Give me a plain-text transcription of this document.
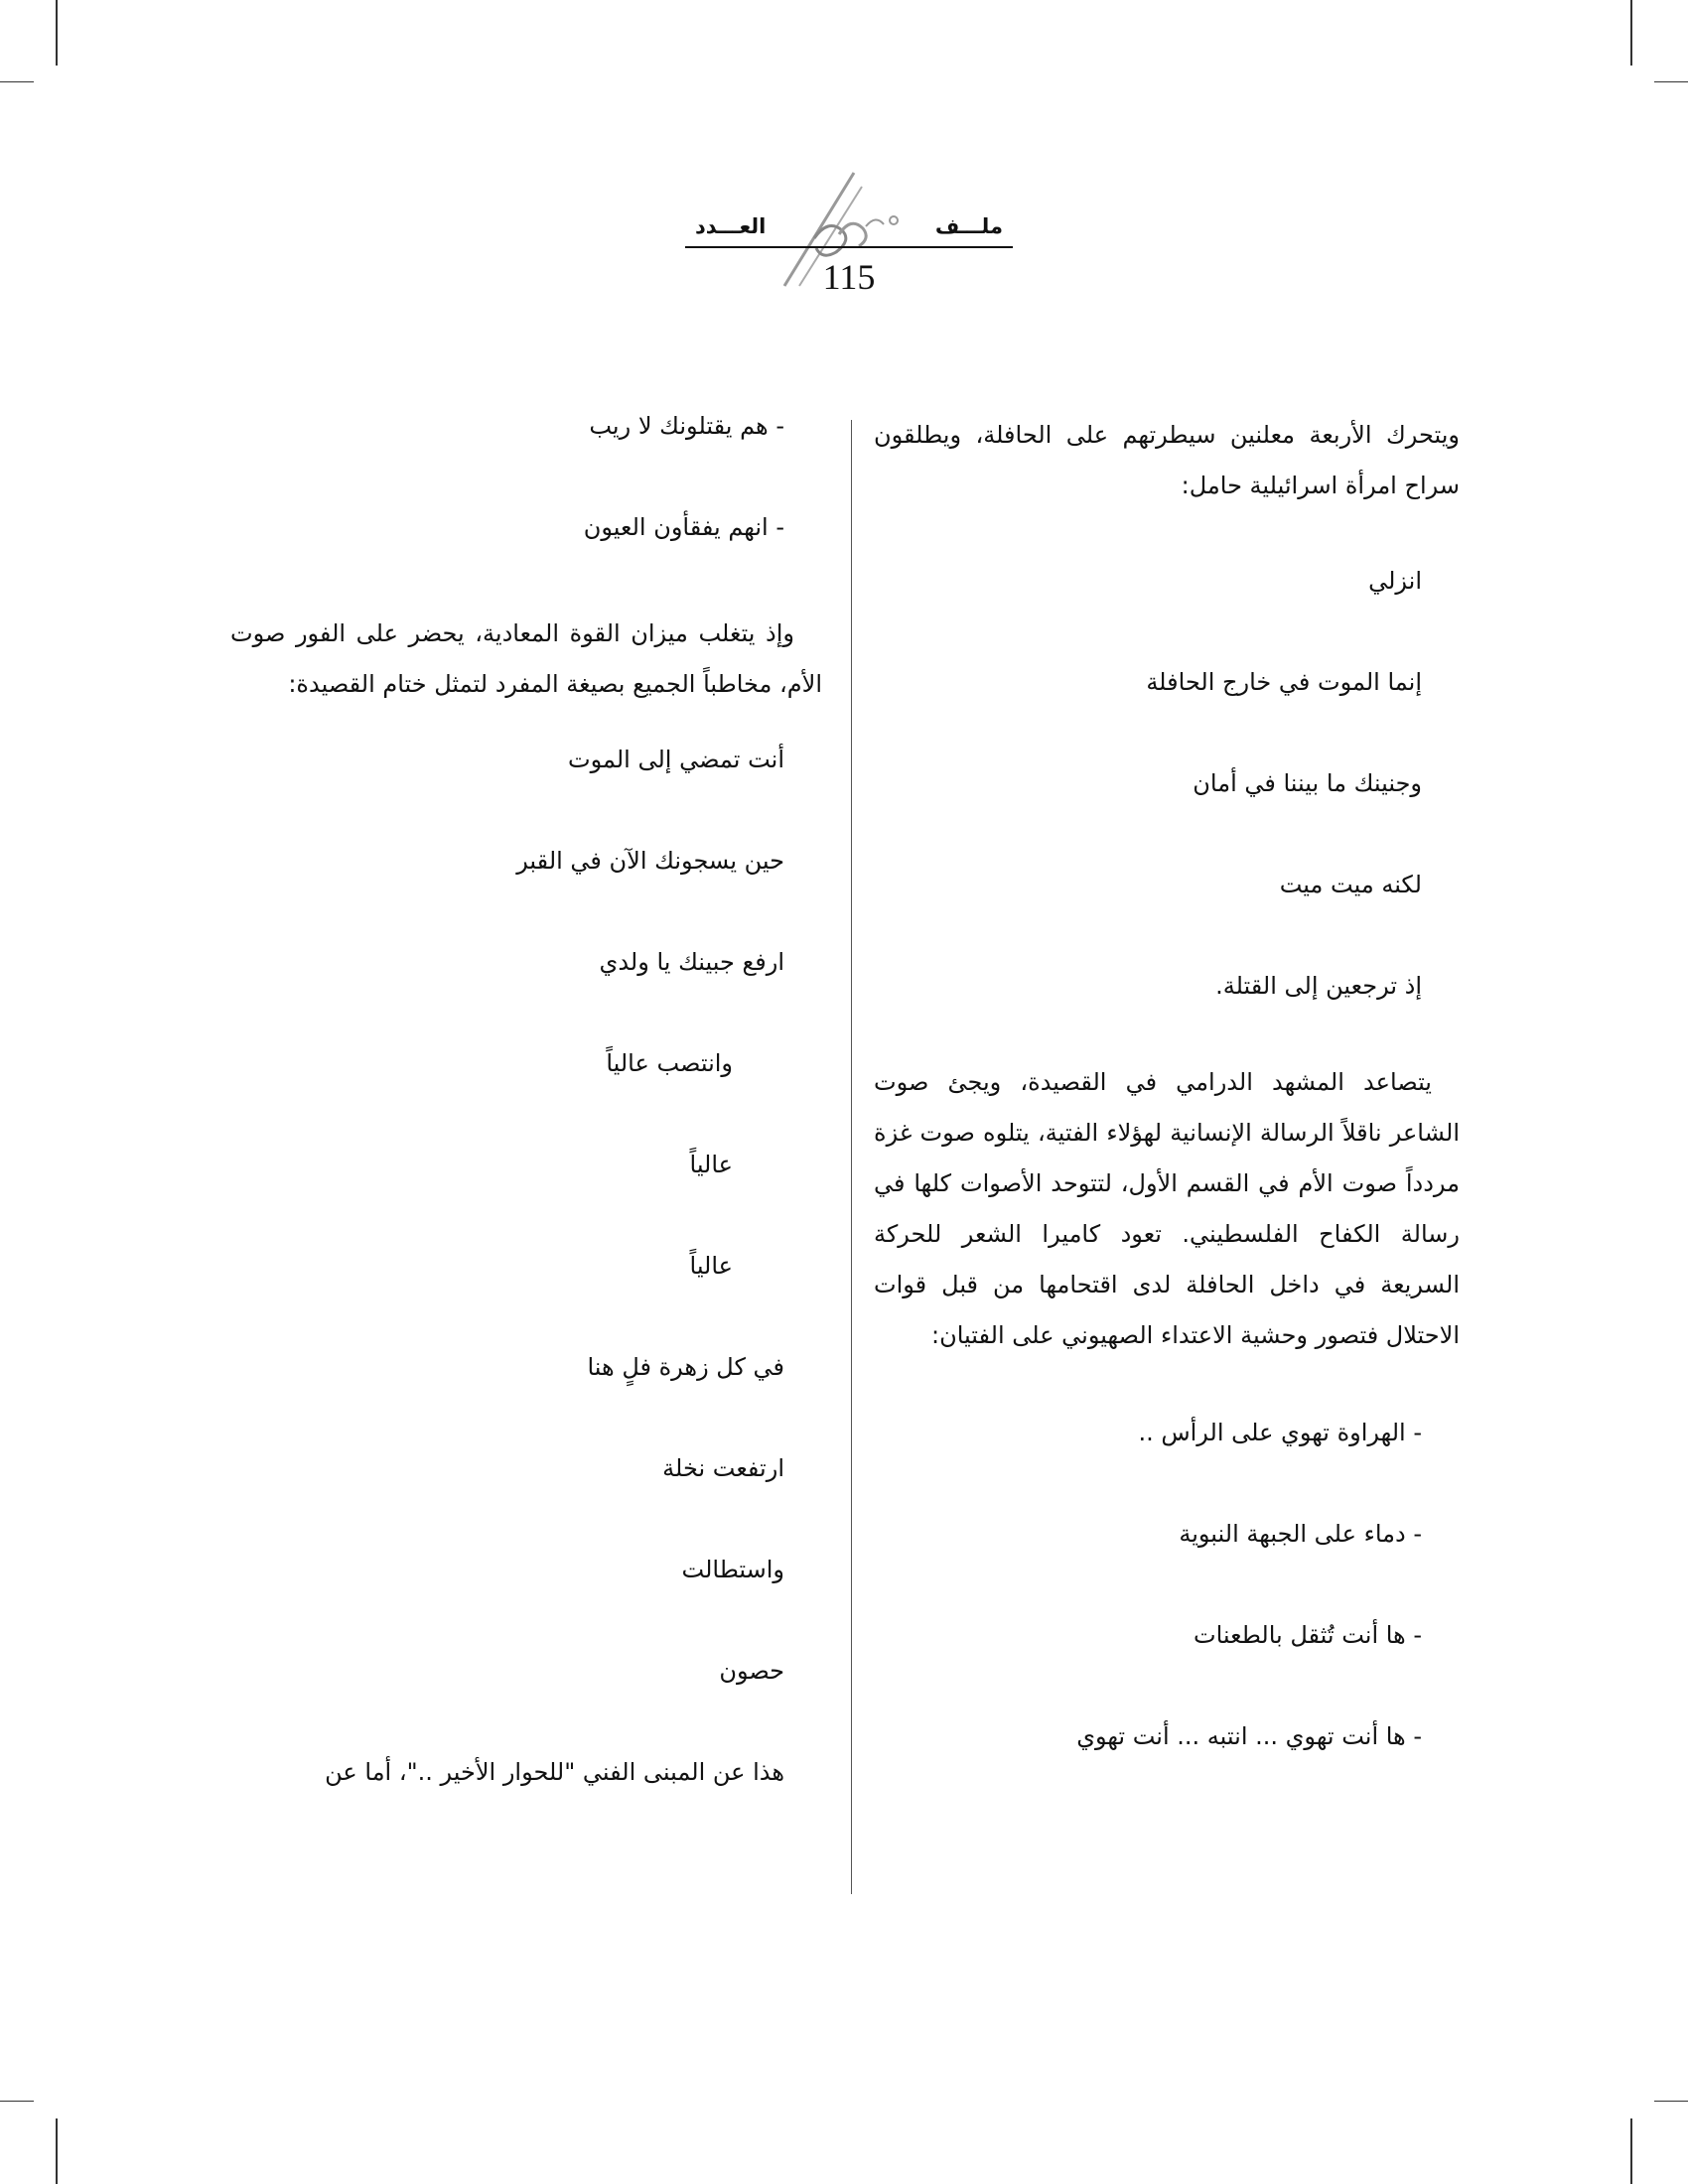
ملـــف
العـــدد
115

ويتحرك الأربعة معلنين سيطرتهم على الحافلة، ويطلقون سراح امرأة اسرائيلية حامل:

انزلي

إنما الموت في خارج الحافلة

وجنينك ما بيننا في أمان

لكنه ميت ميت

إذ ترجعين إلى القتلة.

يتصاعد المشهد الدرامي في القصيدة، ويجئ صوت الشاعر ناقلاً الرسالة الإنسانية لهؤلاء الفتية، يتلوه صوت غزة مردداً صوت الأم في القسم الأول، لتتوحد الأصوات كلها في رسالة الكفاح الفلسطيني. تعود كاميرا الشعر للحركة السريعة في داخل الحافلة لدى اقتحامها من قبل قوات الاحتلال فتصور وحشية الاعتداء الصهيوني على الفتيان:

- الهراوة تهوي على الرأس ..

- دماء على الجبهة النبوية

- ها أنت تُثقل بالطعنات

- ها أنت تهوي ... انتبه ... أنت تهوي

- هم يقتلونك لا ريب

- انهم يفقأون العيون

وإذ يتغلب ميزان القوة المعادية، يحضر على الفور صوت الأم، مخاطباً الجميع بصيغة المفرد لتمثل ختام القصيدة:

أنت تمضي إلى الموت

حين يسجونك الآن في القبر

ارفع جبينك يا ولدي

وانتصب عالياً

عالياً

عالياً

في كل زهرة فلٍ هنا

ارتفعت نخلة

واستطالت

حصون

هذا عن المبنى الفني "للحوار الأخير .."، أما عن
